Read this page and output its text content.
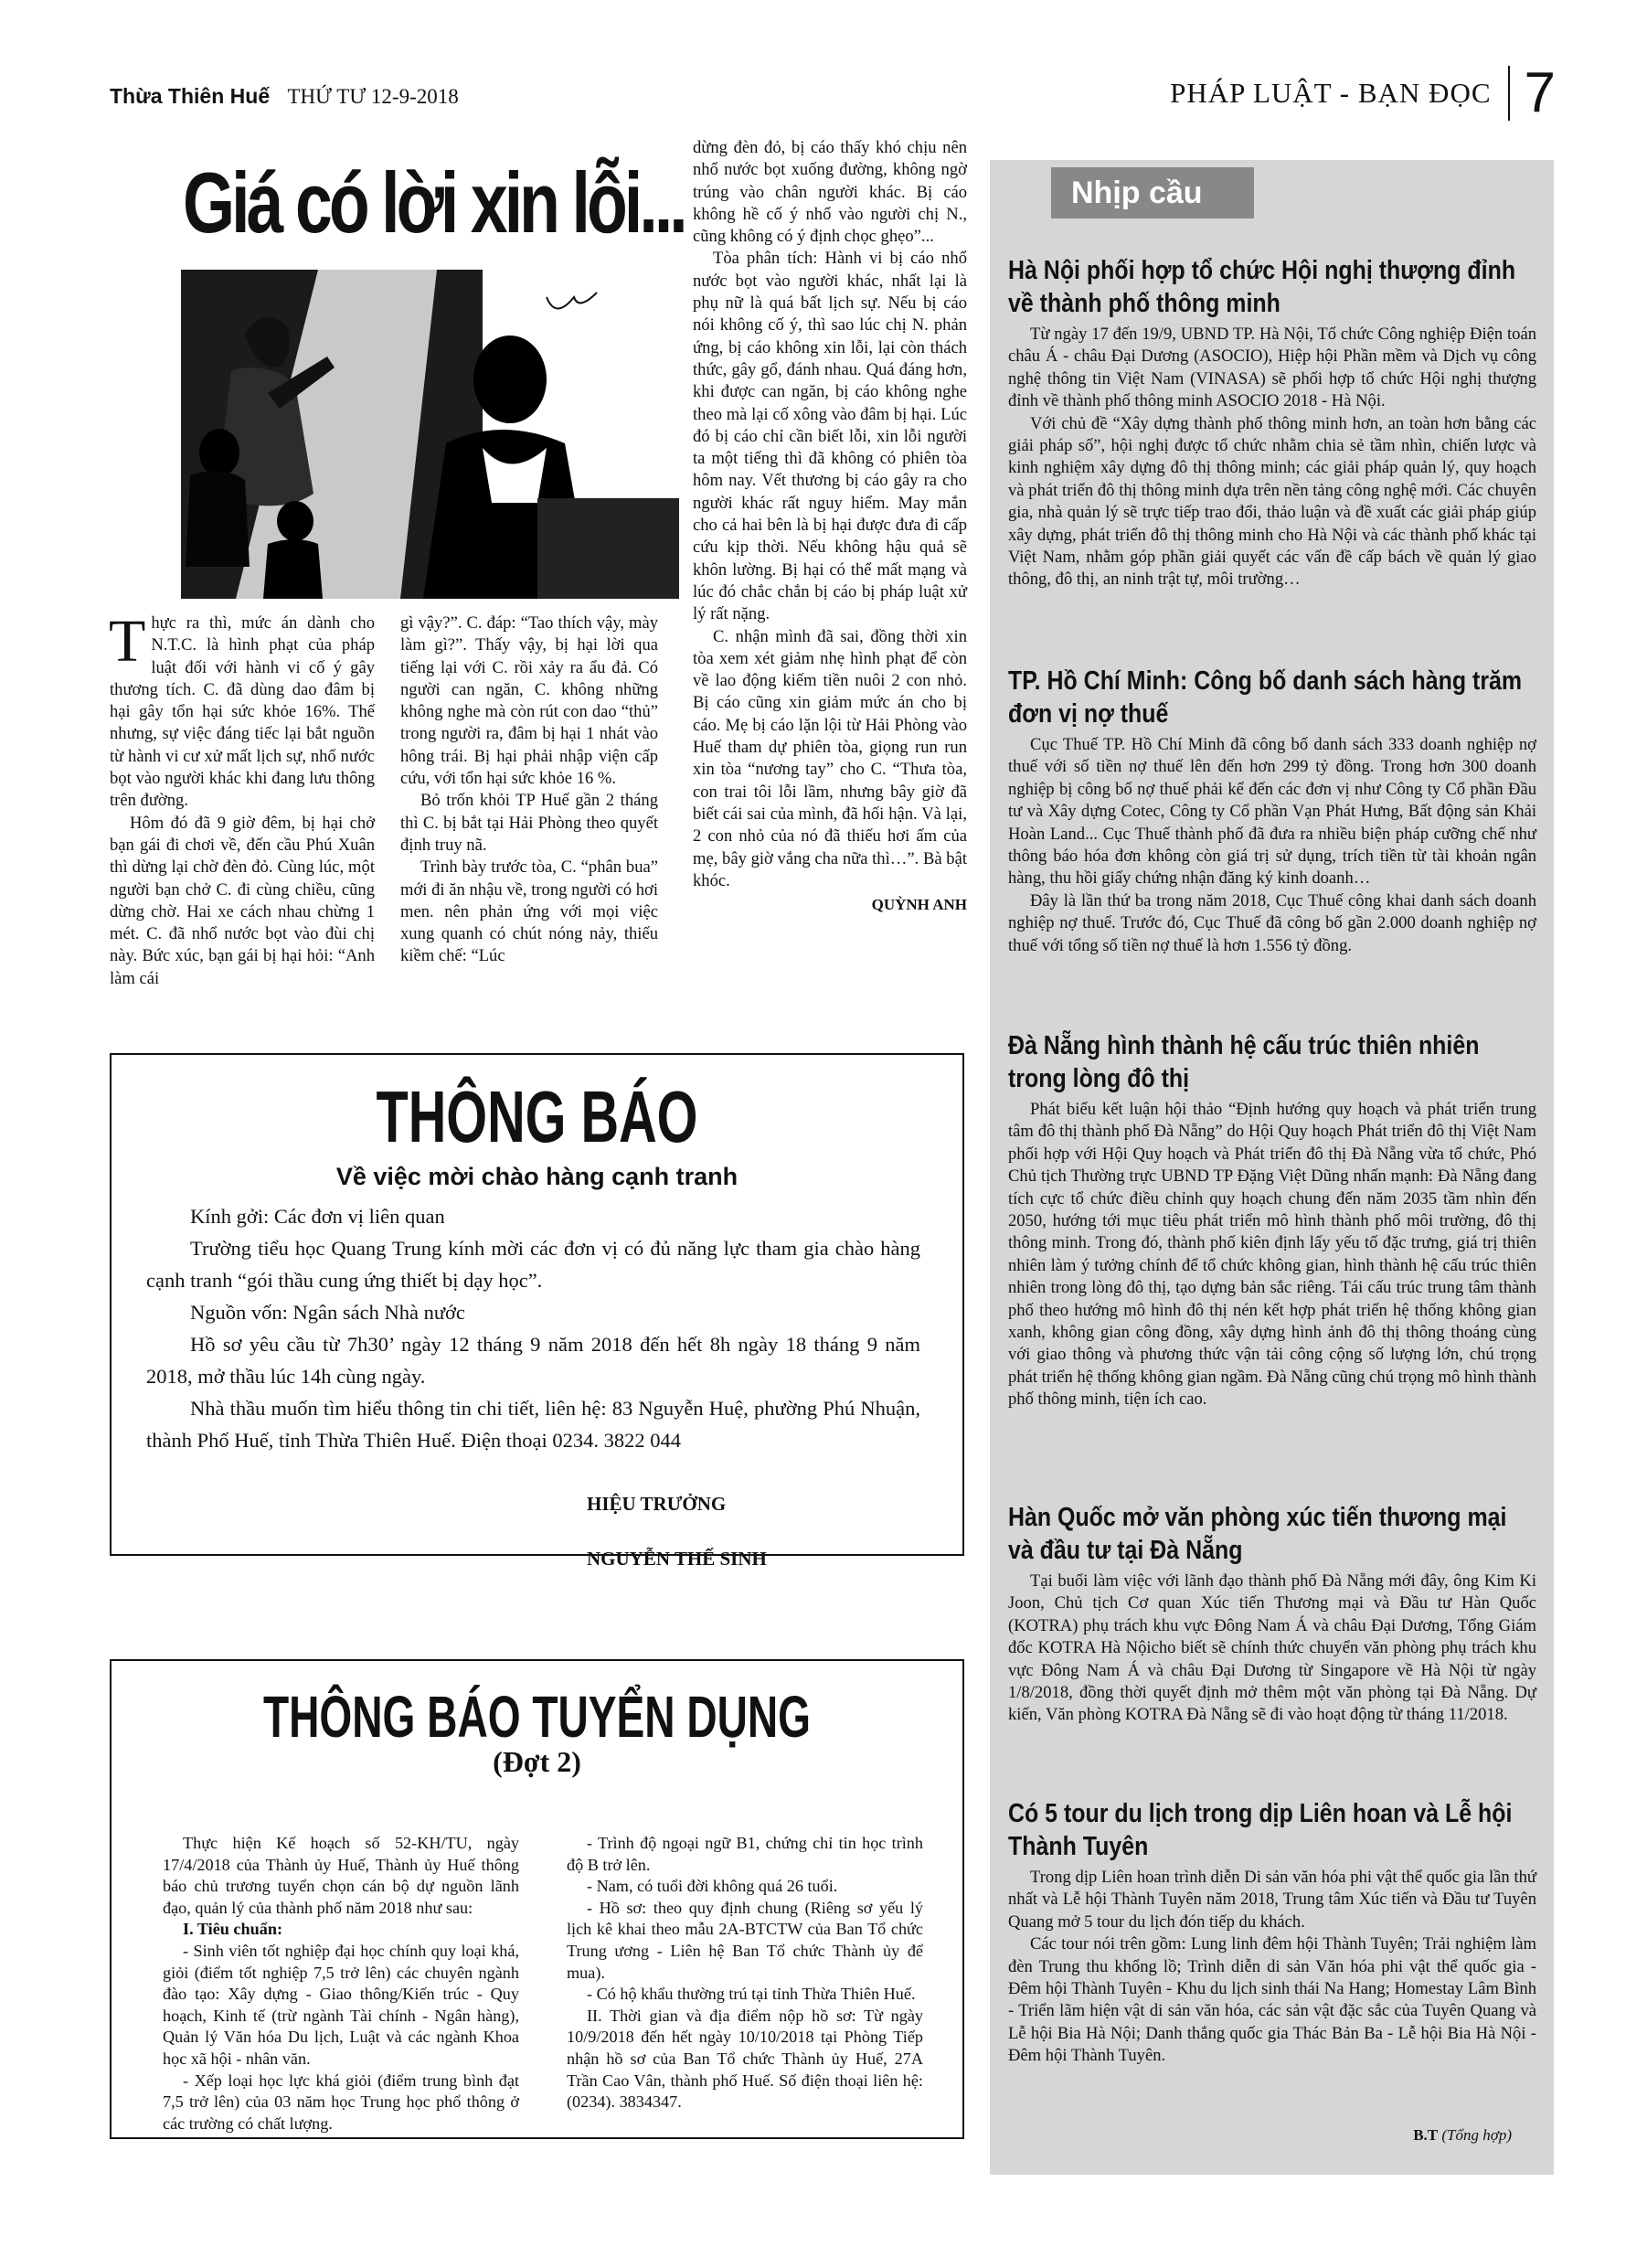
Thừa Thiên Huế THỨ TƯ 12-9-2018	PHÁP LUẬT - BẠN ĐỌC 7
Giá có lời xin lỗi...

Thực ra thì, mức án dành cho N.T.C. là hình phạt của pháp luật đối với hành vi cố ý gây thương tích. C. đã dùng dao đâm bị hại gây tổn hại sức khỏe 16%. Thế nhưng, sự việc đáng tiếc lại bắt nguồn từ hành vi cư xử mất lịch sự, nhổ nước bọt vào người khác khi đang lưu thông trên đường.

Hôm đó đã 9 giờ đêm, bị hại chở bạn gái đi chơi về, đến cầu Phú Xuân thì dừng lại chờ đèn đỏ. Cùng lúc, một người bạn chở C. đi cùng chiều, cũng dừng chờ. Hai xe cách nhau chừng 1 mét. C. đã nhổ nước bọt vào đùi chị này. Bức xúc, bạn gái bị hại hỏi: “Anh làm cái

gì vậy?”. C. đáp: “Tao thích vậy, mày làm gì?”. Thấy vậy, bị hại lời qua tiếng lại với C. rồi xảy ra ẩu đả. Có người can ngăn, C. không những không nghe mà còn rút con dao “thủ” trong người ra, đâm bị hại 1 nhát vào hông trái. Bị hại phải nhập viện cấp cứu, với tổn hại sức khỏe 16 %.

Bỏ trốn khỏi TP Huế gần 2 tháng thì C. bị bắt tại Hải Phòng theo quyết định truy nã.

Trình bày trước tòa, C. “phân bua” mới đi ăn nhậu về, trong người có hơi men. nên phản ứng với mọi việc xung quanh có chút nóng nảy, thiếu kiềm chế: “Lúc

dừng đèn đỏ, bị cáo thấy khó chịu nên nhổ nước bọt xuống đường, không ngờ trúng vào chân người khác. Bị cáo không hề cố ý nhổ vào người chị N., cũng không có ý định chọc ghẹo”...

Tòa phân tích: Hành vi bị cáo nhổ nước bọt vào người khác, nhất lại là phụ nữ là quá bất lịch sự. Nếu bị cáo nói không cố ý, thì sao lúc chị N. phản ứng, bị cáo không xin lỗi, lại còn thách thức, gây gổ, đánh nhau. Quá đáng hơn, khi được can ngăn, bị cáo không nghe theo mà lại cố xông vào đâm bị hại. Lúc đó bị cáo chỉ cần biết lỗi, xin lỗi người ta một tiếng thì đã không có phiên tòa hôm nay. Vết thương bị cáo gây ra cho người khác rất nguy hiểm. May mắn cho cả hai bên là bị hại được đưa đi cấp cứu kịp thời. Nếu không hậu quả sẽ khôn lường. Bị hại có thể mất mạng và lúc đó chắc chắn bị cáo bị pháp luật xử lý rất nặng.

C. nhận mình đã sai, đồng thời xin tòa xem xét giảm nhẹ hình phạt để còn về lao động kiếm tiền nuôi 2 con nhỏ. Bị cáo cũng xin giảm mức án cho bị cáo. Mẹ bị cáo lặn lội từ Hải Phòng vào Huế tham dự phiên tòa, giọng run run xin tòa “nương tay” cho C. “Thưa tòa, con trai tôi lỗi lầm, nhưng bây giờ đã biết cái sai của mình, đã hối hận. Và lại, 2 con nhỏ của nó đã thiếu hơi ấm của mẹ, bây giờ vắng cha nữa thì…”. Bà bật khóc.

QUỲNH ANH
THÔNG BÁO
Về việc mời chào hàng cạnh tranh

Kính gởi: Các đơn vị liên quan

Trường tiểu học Quang Trung kính mời các đơn vị có đủ năng lực tham gia chào hàng cạnh tranh “gói thầu cung ứng thiết bị dạy học”.

Nguồn vốn: Ngân sách Nhà nước

Hồ sơ yêu cầu từ 7h30’ ngày 12 tháng 9 năm 2018 đến hết 8h ngày 18 tháng 9 năm 2018, mở thầu lúc 14h cùng ngày.

Nhà thầu muốn tìm hiểu thông tin chi tiết, liên hệ: 83 Nguyễn Huệ, phường Phú Nhuận, thành Phố Huế, tỉnh Thừa Thiên Huế. Điện thoại 0234. 3822 044

HIỆU TRƯỞNG
NGUYỄN THẾ SINH
THÔNG BÁO TUYỂN DỤNG
(Đợt 2)

Thực hiện Kế hoạch số 52-KH/TU, ngày 17/4/2018 của Thành ủy Huế, Thành ủy Huế thông báo chủ trương tuyển chọn cán bộ dự nguồn lãnh đạo, quản lý của thành phố năm 2018 như sau:

I. Tiêu chuẩn:

- Sinh viên tốt nghiệp đại học chính quy loại khá, giỏi (điểm tốt nghiệp 7,5 trở lên) các chuyên ngành đào tạo: Xây dựng - Giao thông/Kiến trúc - Quy hoạch, Kinh tế (trừ ngành Tài chính - Ngân hàng), Quản lý Văn hóa Du lịch, Luật và các ngành Khoa học xã hội - nhân văn.

- Xếp loại học lực khá giỏi (điểm trung bình đạt 7,5 trở lên) của 03 năm học Trung học phổ thông ở các trường có chất lượng.

- Trình độ ngoại ngữ B1, chứng chỉ tin học trình độ B trở lên.

- Nam, có tuổi đời không quá 26 tuổi.

- Hồ sơ: theo quy định chung (Riêng sơ yếu lý lịch kê khai theo mẫu 2A-BTCTW của Ban Tổ chức Trung ương - Liên hệ Ban Tổ chức Thành ủy để mua).

- Có hộ khẩu thường trú tại tỉnh Thừa Thiên Huế.

II. Thời gian và địa điểm nộp hồ sơ: Từ ngày 10/9/2018 đến hết ngày 10/10/2018 tại Phòng Tiếp nhận hồ sơ của Ban Tổ chức Thành ủy Huế, 27A Trần Cao Vân, thành phố Huế. Số điện thoại liên hệ: (0234). 3834347.

Nhịp cầu
Hà Nội phối hợp tổ chức Hội nghị thượng đỉnh về thành phố thông minh

Từ ngày 17 đến 19/9, UBND TP. Hà Nội, Tổ chức Công nghiệp Điện toán châu Á - châu Đại Dương (ASOCIO), Hiệp hội Phần mềm và Dịch vụ công nghệ thông tin Việt Nam (VINASA) sẽ phối hợp tổ chức Hội nghị thượng đỉnh về thành phố thông minh ASOCIO 2018 - Hà Nội.

Với chủ đề “Xây dựng thành phố thông minh hơn, an toàn hơn bằng các giải pháp số”, hội nghị được tổ chức nhằm chia sẻ tầm nhìn, chiến lược và kinh nghiệm xây dựng đô thị thông minh; các giải pháp quản lý, quy hoạch và phát triển đô thị thông minh dựa trên nền tảng công nghệ mới. Các chuyên gia, nhà quản lý sẽ trực tiếp trao đổi, thảo luận và đề xuất các giải pháp giúp xây dựng, phát triển đô thị thông minh cho Hà Nội và các thành phố khác tại Việt Nam, nhằm góp phần giải quyết các vấn đề cấp bách về quản lý giao thông, đô thị, an ninh trật tự, môi trường…

TP. Hồ Chí Minh: Công bố danh sách hàng trăm đơn vị nợ thuế

Cục Thuế TP. Hồ Chí Minh đã công bố danh sách 333 doanh nghiệp nợ thuế với số tiền nợ thuế lên đến hơn 299 tỷ đồng. Trong hơn 300 doanh nghiệp bị công bố nợ thuế phải kể đến các đơn vị như Công ty Cổ phần Đầu tư và Xây dựng Cotec, Công ty Cổ phần Vạn Phát Hưng, Bất động sản Khải Hoàn Land... Cục Thuế thành phố đã đưa ra nhiều biện pháp cưỡng chế như thông báo hóa đơn không còn giá trị sử dụng, trích tiền từ tài khoản ngân hàng, thu hồi giấy chứng nhận đăng ký kinh doanh…

Đây là lần thứ ba trong năm 2018, Cục Thuế công khai danh sách doanh nghiệp nợ thuế. Trước đó, Cục Thuế đã công bố gần 2.000 doanh nghiệp nợ thuế với tổng số tiền nợ thuế là hơn 1.556 tỷ đồng.

Đà Nẵng hình thành hệ cấu trúc thiên nhiên trong lòng đô thị

Phát biểu kết luận hội thảo “Định hướng quy hoạch và phát triển trung tâm đô thị thành phố Đà Nẵng” do Hội Quy hoạch Phát triển đô thị Việt Nam phối hợp với Hội Quy hoạch và Phát triển đô thị Đà Nẵng vừa tổ chức, Phó Chủ tịch Thường trực UBND TP Đặng Việt Dũng nhấn mạnh: Đà Nẵng đang tích cực tổ chức điều chỉnh quy hoạch chung đến năm 2035 tầm nhìn đến 2050, hướng tới mục tiêu phát triển mô hình thành phố môi trường, đô thị thông minh. Trong đó, thành phố kiên định lấy yếu tố đặc trưng, giá trị thiên nhiên làm ý tưởng chính để tổ chức không gian, hình thành hệ cấu trúc thiên nhiên trong lòng đô thị, tạo dựng bản sắc riêng. Tái cấu trúc trung tâm thành phố theo hướng mô hình đô thị nén kết hợp phát triển hệ thống không gian xanh, không gian công đồng, xây dựng hình ảnh đô thị thông thoáng cùng với giao thông và phương thức vận tải công cộng số lượng lớn, chú trọng phát triển hệ thống không gian ngầm. Đà Nẵng cũng chú trọng mô hình thành phố thông minh, tiện ích cao.

Hàn Quốc mở văn phòng xúc tiến thương mại và đầu tư tại Đà Nẵng

Tại buổi làm việc với lãnh đạo thành phố Đà Nẵng mới đây, ông Kim Ki Joon, Chủ tịch Cơ quan Xúc tiến Thương mại và Đầu tư Hàn Quốc (KOTRA) phụ trách khu vực Đông Nam Á và châu Đại Dương, Tổng Giám đốc KOTRA Hà Nộicho biết sẽ chính thức chuyển văn phòng phụ trách khu vực Đông Nam Á và châu Đại Dương từ Singapore về Hà Nội từ ngày 1/8/2018, đồng thời quyết định mở thêm một văn phòng tại Đà Nẵng. Dự kiến, Văn phòng KOTRA Đà Nẵng sẽ đi vào hoạt động từ tháng 11/2018.

Có 5 tour du lịch trong dịp Liên hoan và Lễ hội Thành Tuyên

Trong dịp Liên hoan trình diễn Di sản văn hóa phi vật thể quốc gia lần thứ nhất và Lễ hội Thành Tuyên năm 2018, Trung tâm Xúc tiến và Đầu tư Tuyên Quang mở 5 tour du lịch đón tiếp du khách.

Các tour nói trên gồm: Lung linh đêm hội Thành Tuyên; Trải nghiệm làm đèn Trung thu khổng lồ; Trình diễn di sản Văn hóa phi vật thể quốc gia - Đêm hội Thành Tuyên - Khu du lịch sinh thái Na Hang; Homestay Lâm Bình - Triển lãm hiện vật di sản văn hóa, các sản vật đặc sắc của Tuyên Quang và Lễ hội Bia Hà Nội; Danh thắng quốc gia Thác Bản Ba - Lễ hội Bia Hà Nội - Đêm hội Thành Tuyên.

B.T (Tổng hợp)
